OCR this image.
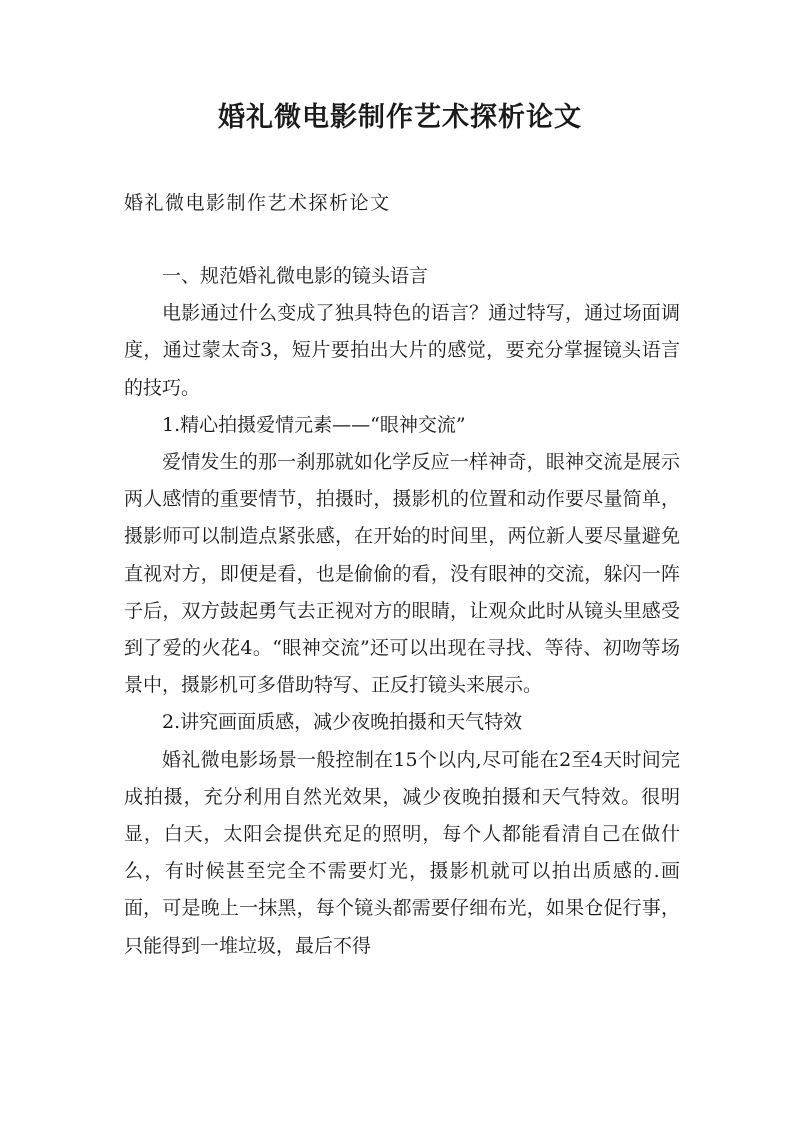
婚礼微电影制作艺术探析论文

婚礼微电影制作艺术探析论文

一、规范婚礼微电影的镜头语言

电影通过什么变成了独具特色的语言？通过特写，通过场面调度，通过蒙太奇3，短片要拍出大片的感觉，要充分掌握镜头语言的技巧。

1.精心拍摄爱情元素——“眼神交流”

爱情发生的那一刹那就如化学反应一样神奇，眼神交流是展示两人感情的重要情节，拍摄时，摄影机的位置和动作要尽量简单，摄影师可以制造点紧张感，在开始的时间里，两位新人要尽量避免直视对方，即便是看，也是偷偷的看，没有眼神的交流，躲闪一阵子后，双方鼓起勇气去正视对方的眼睛，让观众此时从镜头里感受到了爱的火花4。“眼神交流”还可以出现在寻找、等待、初吻等场景中，摄影机可多借助特写、正反打镜头来展示。

2.讲究画面质感，减少夜晚拍摄和天气特效

婚礼微电影场景一般控制在15个以内,尽可能在2至4天时间完成拍摄，充分利用自然光效果，减少夜晚拍摄和天气特效。很明显，白天，太阳会提供充足的照明，每个人都能看清自己在做什么，有时候甚至完全不需要灯光，摄影机就可以拍出质感的.画面，可是晚上一抹黑，每个镜头都需要仔细布光，如果仓促行事，只能得到一堆垃圾，最后不得
